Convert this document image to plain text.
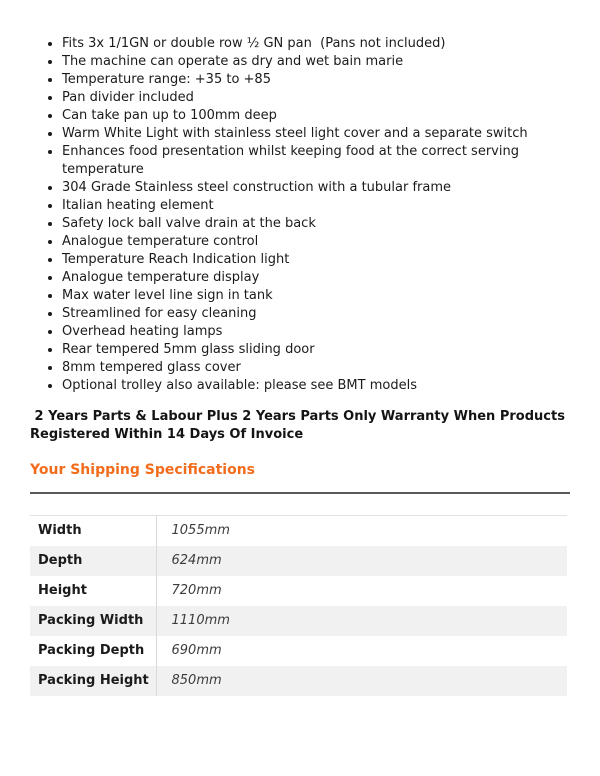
• Fits 3x 1/1GN or double row ½ GN pan  (Pans not included)
• The machine can operate as dry and wet bain marie
• Temperature range: +35 to +85
• Pan divider included
• Can take pan up to 100mm deep
• Warm White Light with stainless steel light cover and a separate switch
• Enhances food presentation whilst keeping food at the correct serving temperature
• 304 Grade Stainless steel construction with a tubular frame
• Italian heating element
• Safety lock ball valve drain at the back
• Analogue temperature control
• Temperature Reach Indication light
• Analogue temperature display
• Max water level line sign in tank
• Streamlined for easy cleaning
• Overhead heating lamps
• Rear tempered 5mm glass sliding door
• 8mm tempered glass cover
• Optional trolley also available: please see BMT models

2 Years Parts & Labour Plus 2 Years Parts Only Warranty When Products Registered Within 14 Days Of Invoice

Your Shipping Specifications
Width	1055mm
Depth	624mm
Height	720mm
Packing Width	1110mm
Packing Depth	690mm
Packing Height	850mm
